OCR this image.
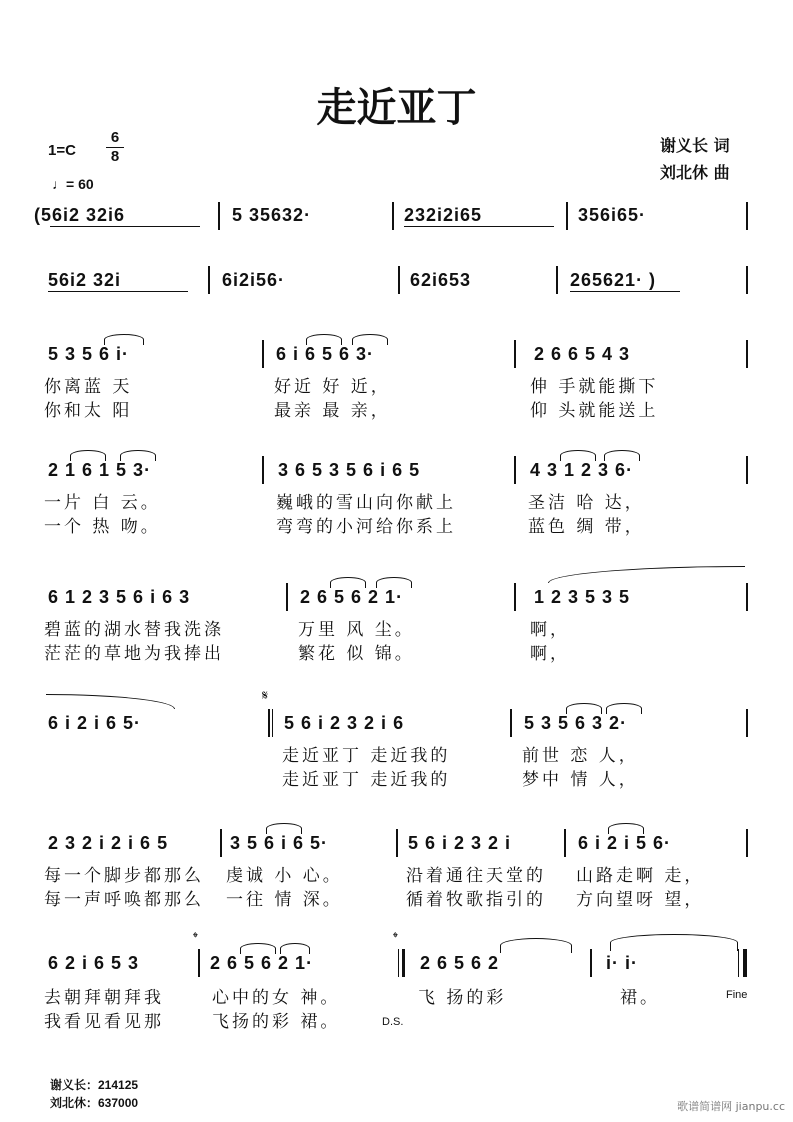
走近亚丁
1=C
6
8
♩= 60
谢义长 词
刘北休 曲
(56i2 32i6	5 35632·	232i2i65	356i65·
56i2 32i	6i2i56·	62i653	265621· )
5 3 5 6 i·	6 i 6 5 6 3·	2 6 6 5 4 3
你离蓝 天	好近 好 近，	伸 手就能撕下
你和太 阳	最亲 最 亲，	仰 头就能送上
2 1 6 1 5 3·	3 6 5 3 5 6 i 6 5	4 3 1 2 3 6·
一片 白 云。	巍峨的雪山向你献上	圣洁 哈 达，
一个 热 吻。	弯弯的小河给你系上	蓝色 绸 带，
6 1 2 3 5 6 i 6 3	2 6 5 6 2 1·	1 2 3 5 3 5
碧蓝的湖水替我洗涤	万里 风 尘。	啊，
茫茫的草地为我捧出	繁花 似 锦。	啊，
𝄋
6 i 2 i 6 5·	5 6 i 2 3 2 i 6	5 3 5 6 3 2·
走近亚丁 走近我的	前世 恋 人，
走近亚丁 走近我的	梦中 情 人，
2 3 2 i 2 i 6 5	3 5 6 i 6 5·	5 6 i 2 3 2 i	6 i 2 i 5 6·
每一个脚步都那么 虔诚 小 心。	沿着通往天堂的 山路走啊 走，
每一声呼唤都那么 一往 情 深。	循着牧歌指引的 方向望呀 望，
𝄌	𝄌
6 2 i 6 5 3	2 6 5 6 2 1·	2 6 5 6 2	i· i·
去朝拜朝拜我	心中的女 神。	飞 扬的彩	裙。	Fine
我看见看见那	飞扬的彩 裙。	D.S.
谢义长：214125
刘北休：637000	歌谱简谱网 jianpu.cc
